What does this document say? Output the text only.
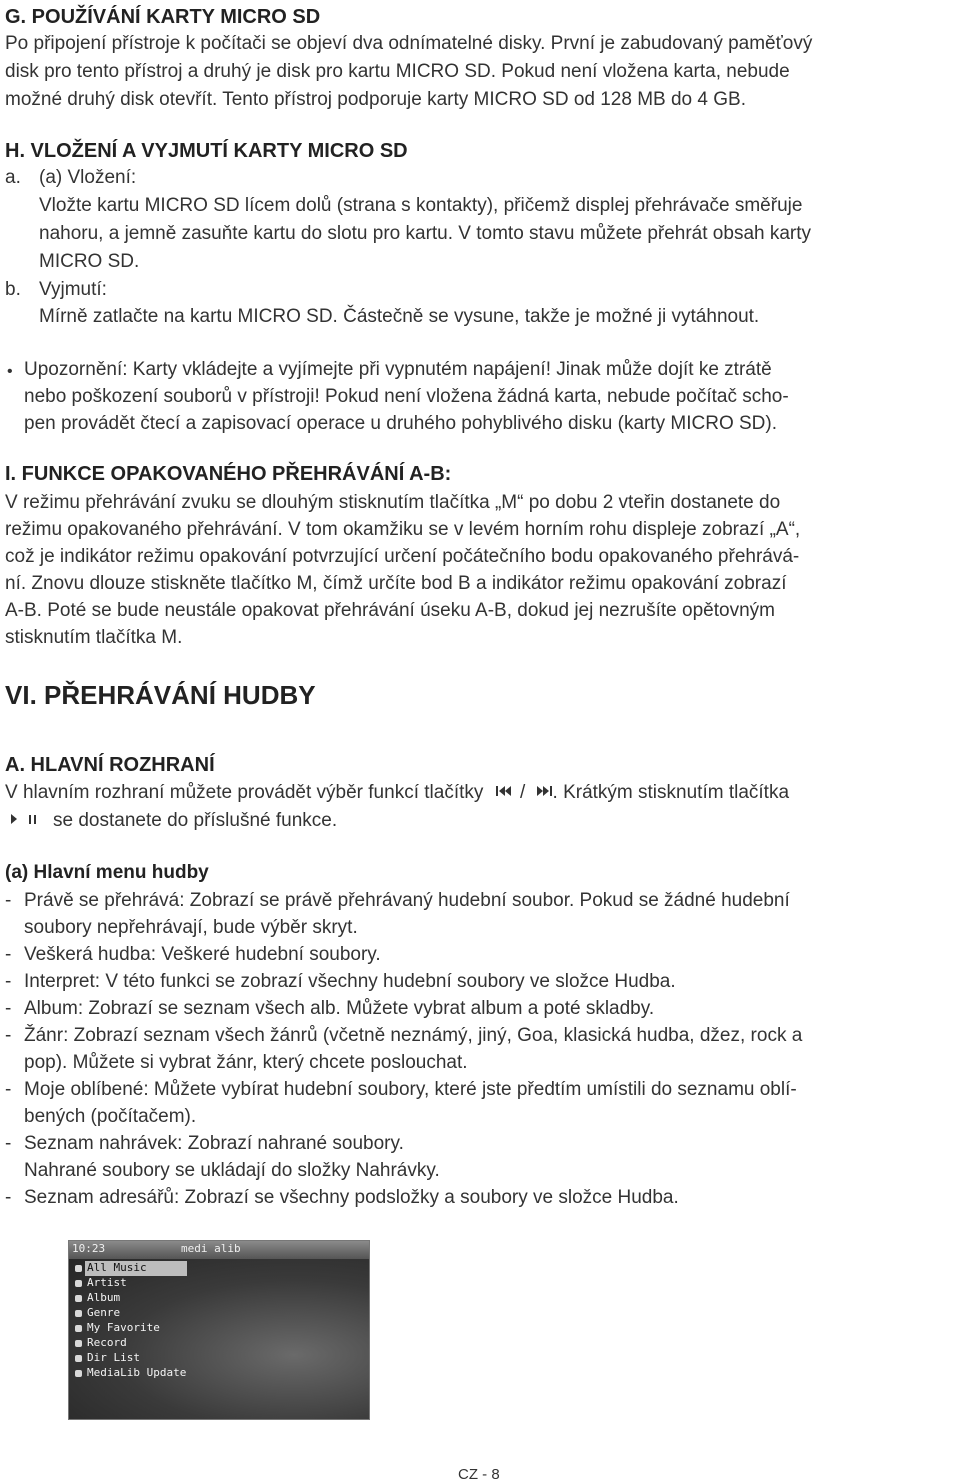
G. POUŽÍVÁNÍ KARTY MICRO SD
Po připojení přístroje k počítači se objeví dva odnímatelné disky. První je zabudovaný paměťový
disk pro tento přístroj a druhý je disk pro kartu MICRO SD. Pokud není vložena karta, nebude
možné druhý disk otevřít. Tento přístroj podporuje karty MICRO SD od 128 MB do 4 GB.
H. VLOŽENÍ A VYJMUTÍ KARTY MICRO SD
a. (a) Vložení:
Vložte kartu MICRO SD lícem dolů (strana s kontakty), přičemž displej přehrávače směřuje
nahoru, a jemně zasuňte kartu do slotu pro kartu. V tomto stavu můžete přehrát obsah karty
MICRO SD.
b. Vyjmutí:
Mírně zatlačte na kartu MICRO SD. Částečně se vysune, takže je možné ji vytáhnout.
• Upozornění: Karty vkládejte a vyjímejte při vypnutém napájení! Jinak může dojít ke ztrátě
nebo poškození souborů v přístroji! Pokud není vložena žádná karta, nebude počítač scho-
pen provádět čtecí a zapisovací operace u druhého pohyblivého disku (karty MICRO SD).
I. FUNKCE OPAKOVANÉHO PŘEHRÁVÁNÍ A-B:
V režimu přehrávání zvuku se dlouhým stisknutím tlačítka „M“ po dobu 2 vteřin dostanete do
režimu opakovaného přehrávání. V tom okamžiku se v levém horním rohu displeje zobrazí „A“,
což je indikátor režimu opakování potvrzující určení počátečního bodu opakovaného přehrává-
ní. Znovu dlouze stiskněte tlačítko M, čímž určíte bod B a indikátor režimu opakování zobrazí
A-B. Poté se bude neustále opakovat přehrávání úseku A-B, dokud jej nezrušíte opětovným
stisknutím tlačítka M.
VI. PŘEHRÁVÁNÍ HUDBY
A. HLAVNÍ ROZHRANÍ
V hlavním rozhraní můžete provádět výběr funkcí tlačítky / . Krátkým stisknutím tlačítka
se dostanete do příslušné funkce.
(a) Hlavní menu hudby
- Právě se přehrává: Zobrazí se právě přehrávaný hudební soubor. Pokud se žádné hudební
soubory nepřehrávají, bude výběr skryt.
- Veškerá hudba: Veškeré hudební soubory.
- Interpret: V této funkci se zobrazí všechny hudební soubory ve složce Hudba.
- Album: Zobrazí se seznam všech alb. Můžete vybrat album a poté skladby.
- Žánr: Zobrazí seznam všech žánrů (včetně neznámý, jiný, Goa, klasická hudba, džez, rock a
pop). Můžete si vybrat žánr, který chcete poslouchat.
- Moje oblíbené: Můžete vybírat hudební soubory, které jste předtím umístili do seznamu oblí-
bených (počítačem).
- Seznam nahrávek: Zobrazí nahrané soubory.
Nahrané soubory se ukládají do složky Nahrávky.
- Seznam adresářů: Zobrazí se všechny podsložky a soubory ve složce Hudba.
10:23	medi alib
All Music
Artist
Album
Genre
My Favorite
Record
Dir List
MediaLib Update
CZ - 8
